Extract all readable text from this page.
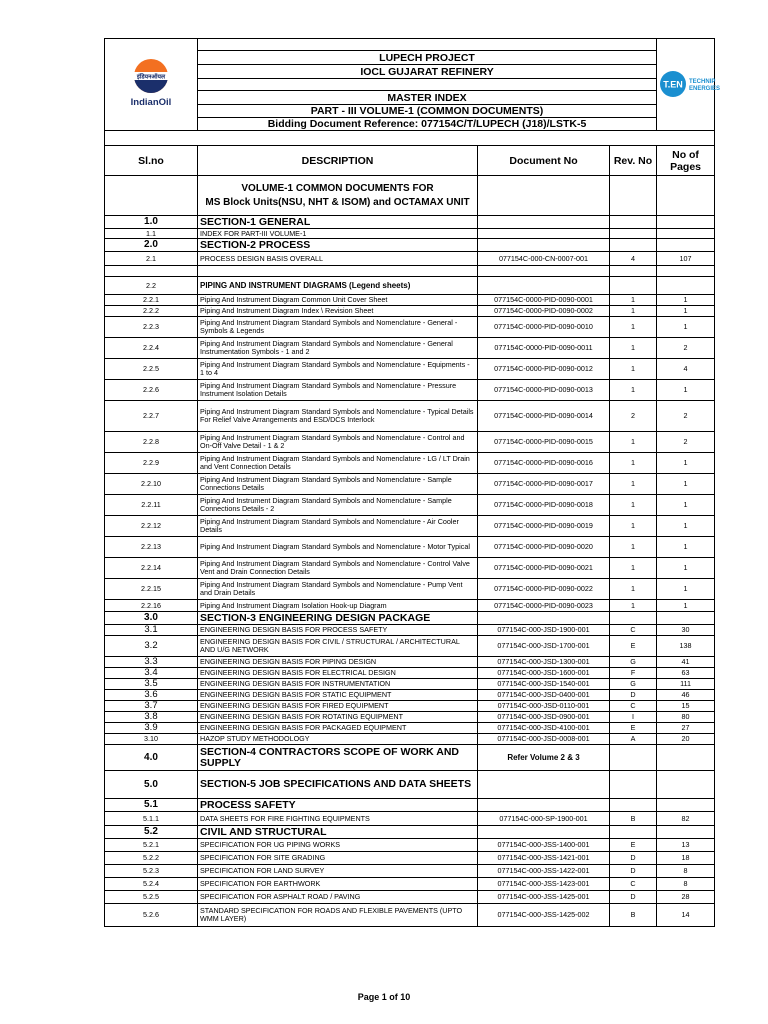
इंडियनऑयल
IndianOil				T.EN TECHNIP
ENERGIES

	LUPECH PROJECT			
	IOCL GUJARAT REFINERY			

	MASTER INDEX			
	PART - III VOLUME-1 (COMMON DOCUMENTS)			
	Bidding Document Reference: 077154C/T/LUPECH (J18)/LSTK-5			

Sl.no	DESCRIPTION	Document No	Rev. No	No of
Pages
	VOLUME-1 COMMON DOCUMENTS FOR
MS Block Units(NSU, NHT & ISOM) and OCTAMAX UNIT			
1.0	SECTION-1 GENERAL			
1.1	INDEX FOR PART-III VOLUME-1			
2.0	SECTION-2 PROCESS			
2.1	PROCESS DESIGN BASIS OVERALL	077154C-000-CN-0007-001	4	107

2.2	PIPING AND INSTRUMENT DIAGRAMS (Legend sheets)			
2.2.1	Piping And Instrument Diagram Common Unit Cover Sheet	077154C-0000-PID-0090-0001	1	1
2.2.2	Piping And Instrument Diagram Index \ Revision Sheet	077154C-0000-PID-0090-0002	1	1
2.2.3	Piping And Instrument Diagram Standard Symbols and Nomenclature - General - Symbols & Legends	077154C-0000-PID-0090-0010	1	1
2.2.4	Piping And Instrument Diagram Standard Symbols and Nomenclature - General Instrumentation Symbols - 1 and 2	077154C-0000-PID-0090-0011	1	2
2.2.5	Piping And Instrument Diagram Standard Symbols and Nomenclature - Equipments - 1 to 4	077154C-0000-PID-0090-0012	1	4
2.2.6	Piping And Instrument Diagram Standard Symbols and Nomenclature - Pressure Instrument Isolation Details	077154C-0000-PID-0090-0013	1	1
2.2.7	Piping And Instrument Diagram Standard Symbols and Nomenclature - Typical Details For Relief Valve Arrangements and ESD/DCS Interlock	077154C-0000-PID-0090-0014	2	2
2.2.8	Piping And Instrument Diagram Standard Symbols and Nomenclature - Control and On-Off Valve Detail - 1 & 2	077154C-0000-PID-0090-0015	1	2
2.2.9	Piping And Instrument Diagram Standard Symbols and Nomenclature - LG / LT Drain and Vent Connection Details	077154C-0000-PID-0090-0016	1	1
2.2.10	Piping And Instrument Diagram Standard Symbols and Nomenclature - Sample Connections Details	077154C-0000-PID-0090-0017	1	1
2.2.11	Piping And Instrument Diagram Standard Symbols and Nomenclature - Sample Connections Details - 2	077154C-0000-PID-0090-0018	1	1
2.2.12	Piping And Instrument Diagram Standard Symbols and Nomenclature - Air Cooler Details	077154C-0000-PID-0090-0019	1	1
2.2.13	Piping And Instrument Diagram Standard Symbols and Nomenclature - Motor Typical	077154C-0000-PID-0090-0020	1	1
2.2.14	Piping And Instrument Diagram Standard Symbols and Nomenclature - Control Valve Vent and Drain Connection Details	077154C-0000-PID-0090-0021	1	1
2.2.15	Piping And Instrument Diagram Standard Symbols and Nomenclature - Pump Vent and Drain Details	077154C-0000-PID-0090-0022	1	1
2.2.16	Piping And Instrument Diagram Isolation Hook-up Diagram	077154C-0000-PID-0090-0023	1	1
3.0	SECTION-3 ENGINEERING DESIGN PACKAGE			
3.1	ENGINEERING DESIGN BASIS FOR PROCESS SAFETY	077154C-000-JSD-1900-001	C	30
3.2	ENGINEERING DESIGN BASIS FOR CIVIL / STRUCTURAL / ARCHITECTURAL AND U/G NETWORK	077154C-000-JSD-1700-001	E	138
3.3	ENGINEERING DESIGN BASIS FOR PIPING DESIGN	077154C-000-JSD-1300-001	G	41
3.4	ENGINEERING DESIGN BASIS FOR ELECTRICAL DESIGN	077154C-000-JSD-1600-001	F	63
3.5	ENGINEERING DESIGN BASIS FOR INSTRUMENTATION	077154C-000-JSD-1540-001	G	111
3.6	ENGINEERING DESIGN BASIS FOR STATIC EQUIPMENT	077154C-000-JSD-0400-001	D	46
3.7	ENGINEERING DESIGN BASIS FOR FIRED EQUIPMENT	077154C-000-JSD-0110-001	C	15
3.8	ENGINEERING DESIGN BASIS FOR ROTATING EQUIPMENT	077154C-000-JSD-0900-001	I	80
3.9	ENGINEERING DESIGN BASIS FOR PACKAGED EQUIPMENT	077154C-000-JSD-4100-001	E	27
3.10	HAZOP STUDY METHODOLOGY	077154C-000-JSD-0008-001	A	20
4.0	SECTION-4 CONTRACTORS SCOPE OF WORK AND SUPPLY	Refer Volume 2 & 3		
5.0	SECTION-5 JOB SPECIFICATIONS AND DATA SHEETS			
5.1	PROCESS SAFETY			
5.1.1	DATA SHEETS FOR FIRE FIGHTING EQUIPMENTS	077154C-000-SP-1900-001	B	82
5.2	CIVIL AND STRUCTURAL			
5.2.1	SPECIFICATION FOR UG PIPING WORKS	077154C-000-JSS-1400-001	E	13
5.2.2	SPECIFICATION FOR SITE GRADING	077154C-000-JSS-1421-001	D	18
5.2.3	SPECIFICATION FOR LAND SURVEY	077154C-000-JSS-1422-001	D	8
5.2.4	SPECIFICATION FOR EARTHWORK	077154C-000-JSS-1423-001	C	8
5.2.5	SPECIFICATION FOR ASPHALT ROAD / PAVING	077154C-000-JSS-1425-001	D	28
5.2.6	STANDARD SPECIFICATION FOR ROADS AND FLEXIBLE PAVEMENTS (UPTO WMM LAYER)	077154C-000-JSS-1425-002	B	14
Page 1 of 10
